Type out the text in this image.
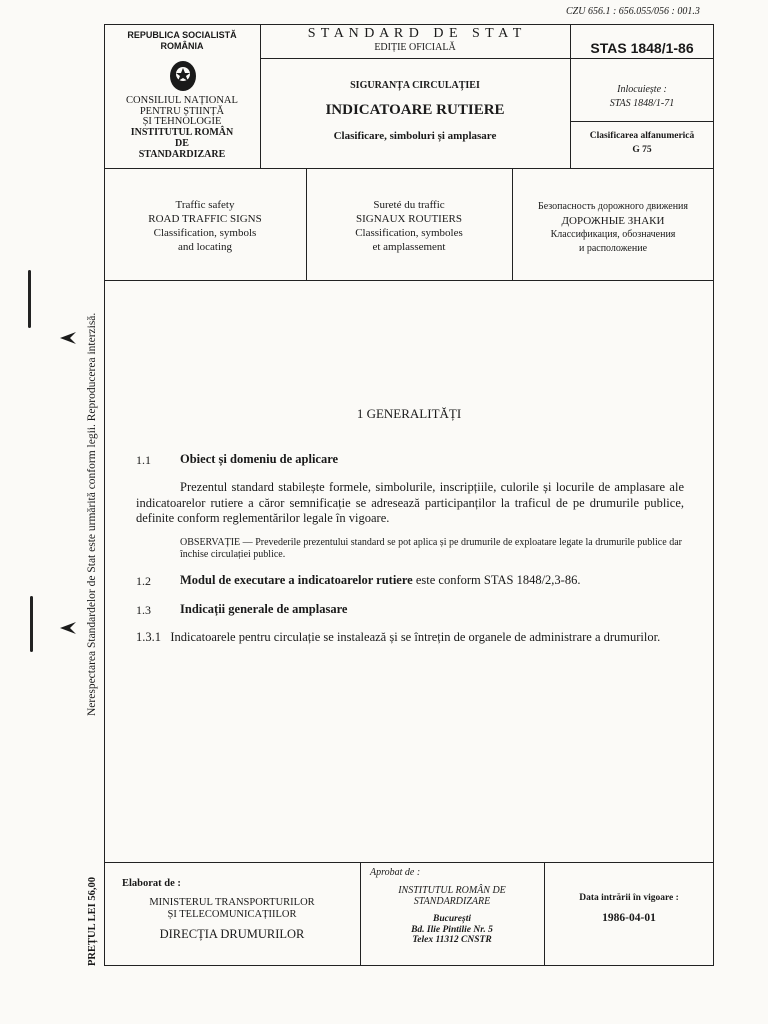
CZU 656.1 : 656.055/056 : 001.3
REPUBLICA SOCIALISTĂ
ROMÂNIA
CONSILIUL NAȚIONAL
PENTRU ȘTIINȚĂ
ȘI TEHNOLOGIE
INSTITUTUL ROMÂN
DE
STANDARDIZARE
S T A N D A R D   D E   S T A T
EDIȚIE OFICIALĂ
SIGURANȚA CIRCULAȚIEI
INDICATOARE RUTIERE
Clasificare, simboluri și amplasare
STAS 1848/1-86
Inlocuiește :
STAS 1848/1-71
Clasificarea alfanumerică
G 75
Traffic safety
ROAD TRAFFIC SIGNS
Classification, symbols
and locating
Sureté du traffic
SIGNAUX ROUTIERS
Classification, symboles
et amplassement
Безопасность дорожного движения
ДОРОЖНЫЕ ЗНАКИ
Классификация, обозначения
и расположение
1 GENERALITĂȚI
1.1 Obiect și domeniu de aplicare
Prezentul standard stabilește formele, simbolurile, inscripțiile, culorile și locurile de amplasare ale indicatoarelor rutiere a căror semnificație se adresează participanților la traficul de pe drumurile publice, definite conform reglementărilor legale în vigoare.
OBSERVAȚIE — Prevederile prezentului standard se pot aplica și pe drumurile de exploatare legate la drumurile publice dar închise circulației publice.
1.2 Modul de executare a indicatoarelor rutiere este conform STAS 1848/2,3-86.
1.3 Indicații generale de amplasare
1.3.1 Indicatoarele pentru circulație se instalează și se întrețin de organele de administrare a drumurilor.
Elaborat de :
MINISTERUL TRANSPORTURILOR
ȘI TELECOMUNICAȚIILOR
DIRECȚIA DRUMURILOR
Aprobat de :
INSTITUTUL ROMÂN DE
STANDARDIZARE
București
Bd. Ilie Pintilie Nr. 5
Telex 11312 CNSTR
Data intrării în vigoare :
1986-04-01
Nerespectarea Standardelor de Stat este urmărită conform legii. Reproducerea interzisă.
PREȚUL LEI 56,00
